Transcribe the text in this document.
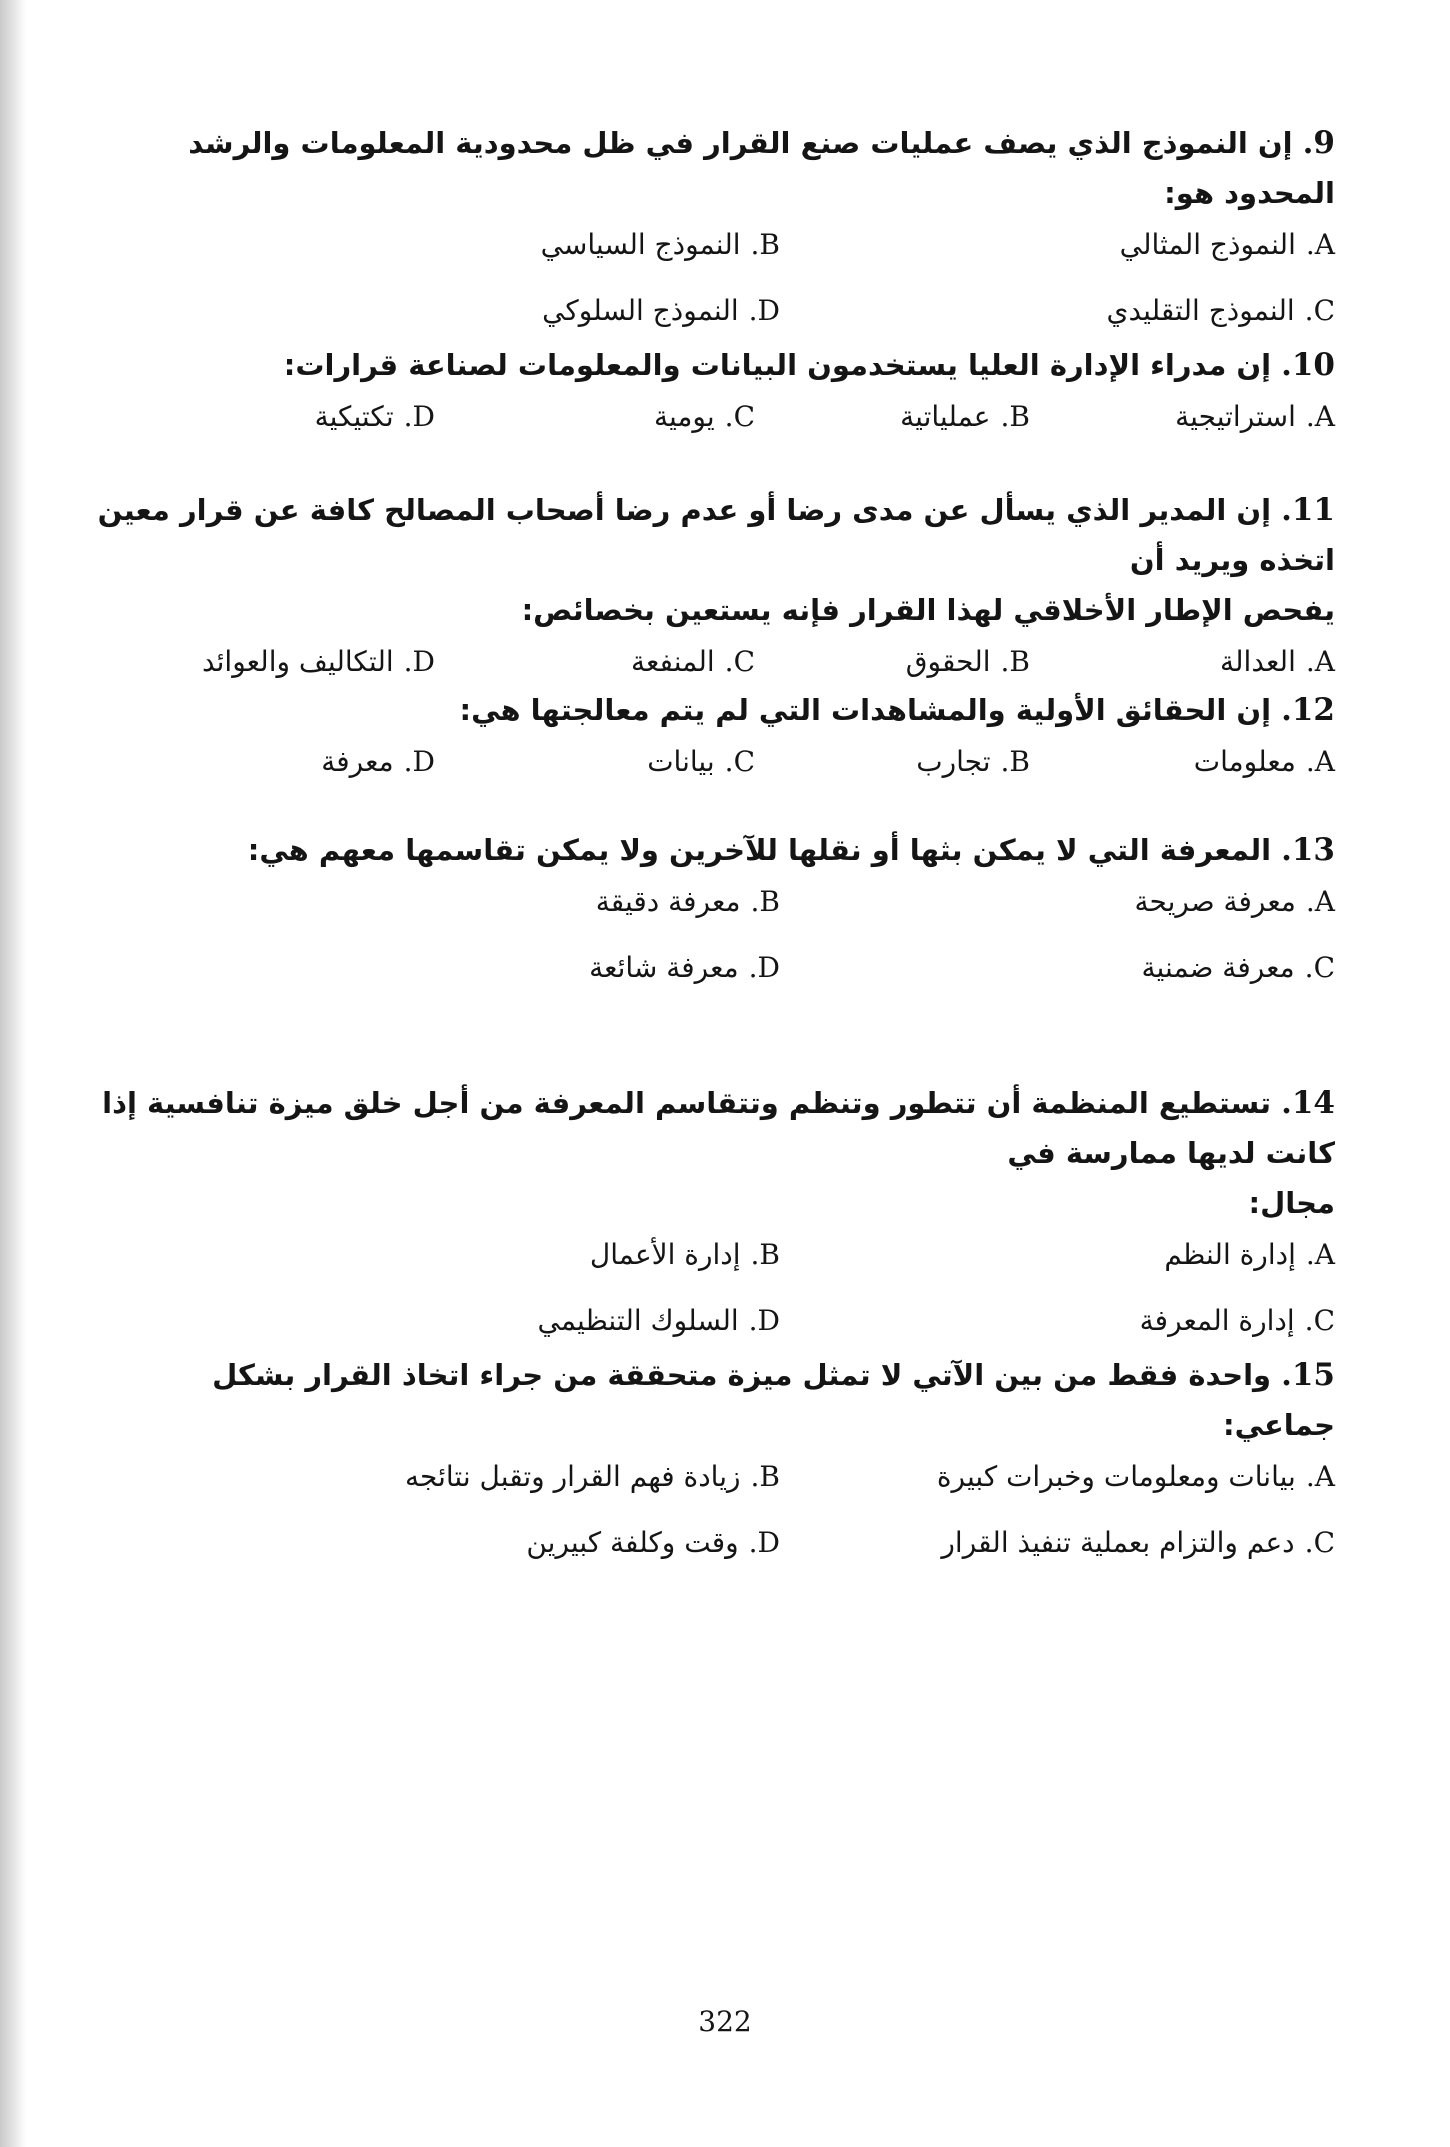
9.إن النموذج الذي يصف عمليات صنع القرار في ظل محدودية المعلومات والرشد المحدود هو:
A.النموذج المثالي
B.النموذج السياسي
C.النموذج التقليدي
D.النموذج السلوكي
10.إن مدراء الإدارة العليا يستخدمون البيانات والمعلومات لصناعة قرارات:
A.استراتيجية
B.عملياتية
C.يومية
D.تكتيكية
11.إن المدير الذي يسأل عن مدى رضا أو عدم رضا أصحاب المصالح كافة عن قرار معين اتخذه ويريد أن
يفحص الإطار الأخلاقي لهذا القرار فإنه يستعين بخصائص:
A.العدالة
B.الحقوق
C.المنفعة
D.التكاليف والعوائد
12.إن الحقائق الأولية والمشاهدات التي لم يتم معالجتها هي:
A.معلومات
B.تجارب
C.بيانات
D.معرفة
13.المعرفة التي لا يمكن بثها أو نقلها للآخرين ولا يمكن تقاسمها معهم هي:
A.معرفة صريحة
B.معرفة دقيقة
C.معرفة ضمنية
D.معرفة شائعة
14.تستطيع المنظمة أن تتطور وتنظم وتتقاسم المعرفة من أجل خلق ميزة تنافسية إذا كانت لديها ممارسة في
مجال:
A.إدارة النظم
B.إدارة الأعمال
C.إدارة المعرفة
D.السلوك التنظيمي
15.واحدة فقط من بين الآتي لا تمثل ميزة متحققة من جراء اتخاذ القرار بشكل جماعي:
A.بيانات ومعلومات وخبرات كبيرة
B.زيادة فهم القرار وتقبل نتائجه
C.دعم والتزام بعملية تنفيذ القرار
D.وقت وكلفة كبيرين
322
